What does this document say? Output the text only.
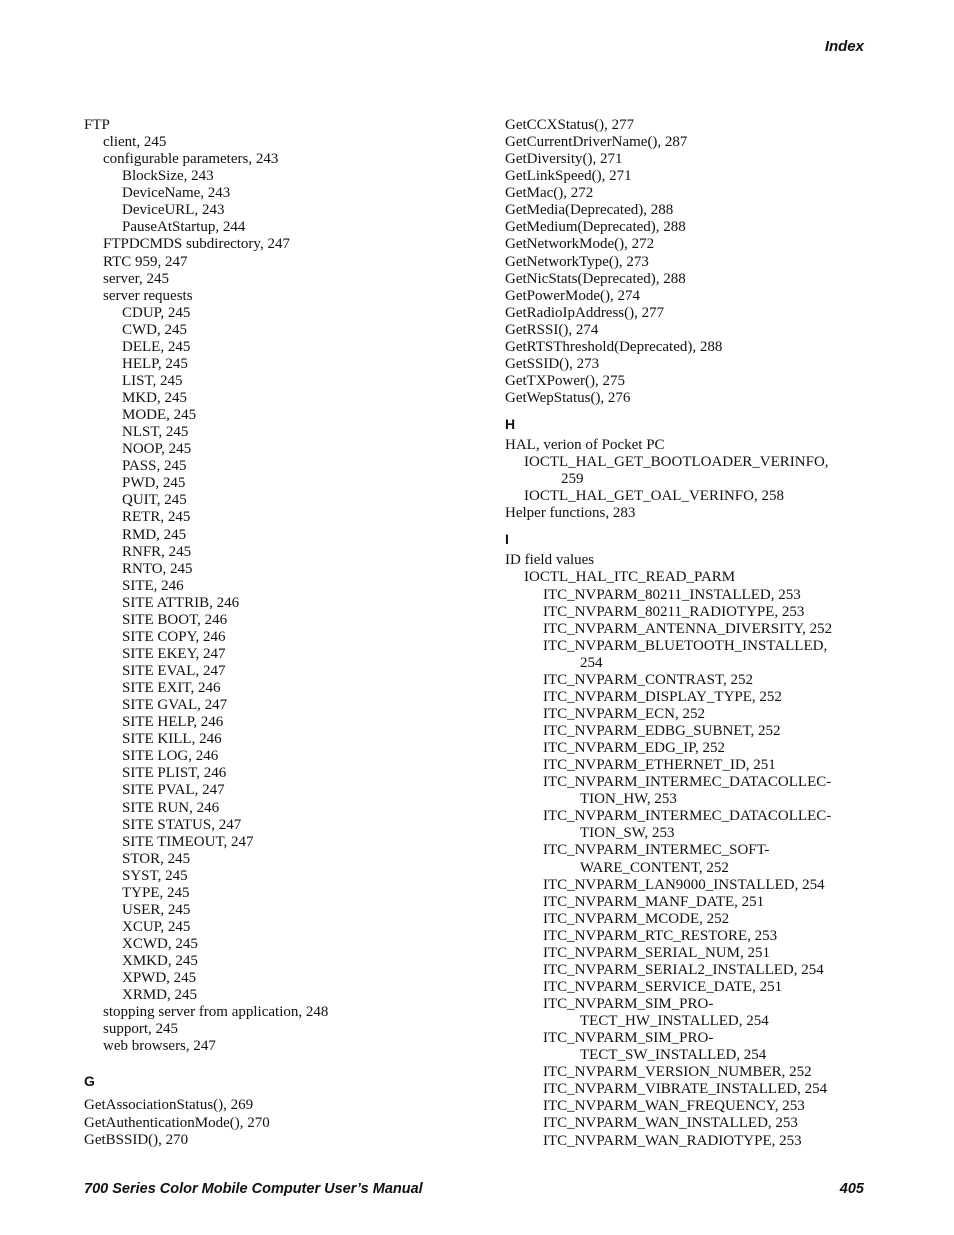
Index
FTP
client, 245
configurable parameters, 243
BlockSize, 243
DeviceName, 243
DeviceURL, 243
PauseAtStartup, 244
FTPDCMDS subdirectory, 247
RTC 959, 247
server, 245
server requests
CDUP, 245
CWD, 245
DELE, 245
HELP, 245
LIST, 245
MKD, 245
MODE, 245
NLST, 245
NOOP, 245
PASS, 245
PWD, 245
QUIT, 245
RETR, 245
RMD, 245
RNFR, 245
RNTO, 245
SITE, 246
SITE ATTRIB, 246
SITE BOOT, 246
SITE COPY, 246
SITE EKEY, 247
SITE EVAL, 247
SITE EXIT, 246
SITE GVAL, 247
SITE HELP, 246
SITE KILL, 246
SITE LOG, 246
SITE PLIST, 246
SITE PVAL, 247
SITE RUN, 246
SITE STATUS, 247
SITE TIMEOUT, 247
STOR, 245
SYST, 245
TYPE, 245
USER, 245
XCUP, 245
XCWD, 245
XMKD, 245
XPWD, 245
XRMD, 245
stopping server from application, 248
support, 245
web browsers, 247
G
GetAssociationStatus(), 269
GetAuthenticationMode(), 270
GetBSSID(), 270
GetCCXStatus(), 277
GetCurrentDriverName(), 287
GetDiversity(), 271
GetLinkSpeed(), 271
GetMac(), 272
GetMedia(Deprecated), 288
GetMedium(Deprecated), 288
GetNetworkMode(), 272
GetNetworkType(), 273
GetNicStats(Deprecated), 288
GetPowerMode(), 274
GetRadioIpAddress(), 277
GetRSSI(), 274
GetRTSThreshold(Deprecated), 288
GetSSID(), 273
GetTXPower(), 275
GetWepStatus(), 276
H
HAL, verion of Pocket PC
IOCTL_HAL_GET_BOOTLOADER_VERINFO,
259
IOCTL_HAL_GET_OAL_VERINFO, 258
Helper functions, 283
I
ID field values
IOCTL_HAL_ITC_READ_PARM
ITC_NVPARM_80211_INSTALLED, 253
ITC_NVPARM_80211_RADIOTYPE, 253
ITC_NVPARM_ANTENNA_DIVERSITY, 252
ITC_NVPARM_BLUETOOTH_INSTALLED,
254
ITC_NVPARM_CONTRAST, 252
ITC_NVPARM_DISPLAY_TYPE, 252
ITC_NVPARM_ECN, 252
ITC_NVPARM_EDBG_SUBNET, 252
ITC_NVPARM_EDG_IP, 252
ITC_NVPARM_ETHERNET_ID, 251
ITC_NVPARM_INTERMEC_DATACOLLEC-
TION_HW, 253
ITC_NVPARM_INTERMEC_DATACOLLEC-
TION_SW, 253
ITC_NVPARM_INTERMEC_SOFT-
WARE_CONTENT, 252
ITC_NVPARM_LAN9000_INSTALLED, 254
ITC_NVPARM_MANF_DATE, 251
ITC_NVPARM_MCODE, 252
ITC_NVPARM_RTC_RESTORE, 253
ITC_NVPARM_SERIAL_NUM, 251
ITC_NVPARM_SERIAL2_INSTALLED, 254
ITC_NVPARM_SERVICE_DATE, 251
ITC_NVPARM_SIM_PRO-
TECT_HW_INSTALLED, 254
ITC_NVPARM_SIM_PRO-
TECT_SW_INSTALLED, 254
ITC_NVPARM_VERSION_NUMBER, 252
ITC_NVPARM_VIBRATE_INSTALLED, 254
ITC_NVPARM_WAN_FREQUENCY, 253
ITC_NVPARM_WAN_INSTALLED, 253
ITC_NVPARM_WAN_RADIOTYPE, 253
700 Series Color Mobile Computer User’s Manual	405
